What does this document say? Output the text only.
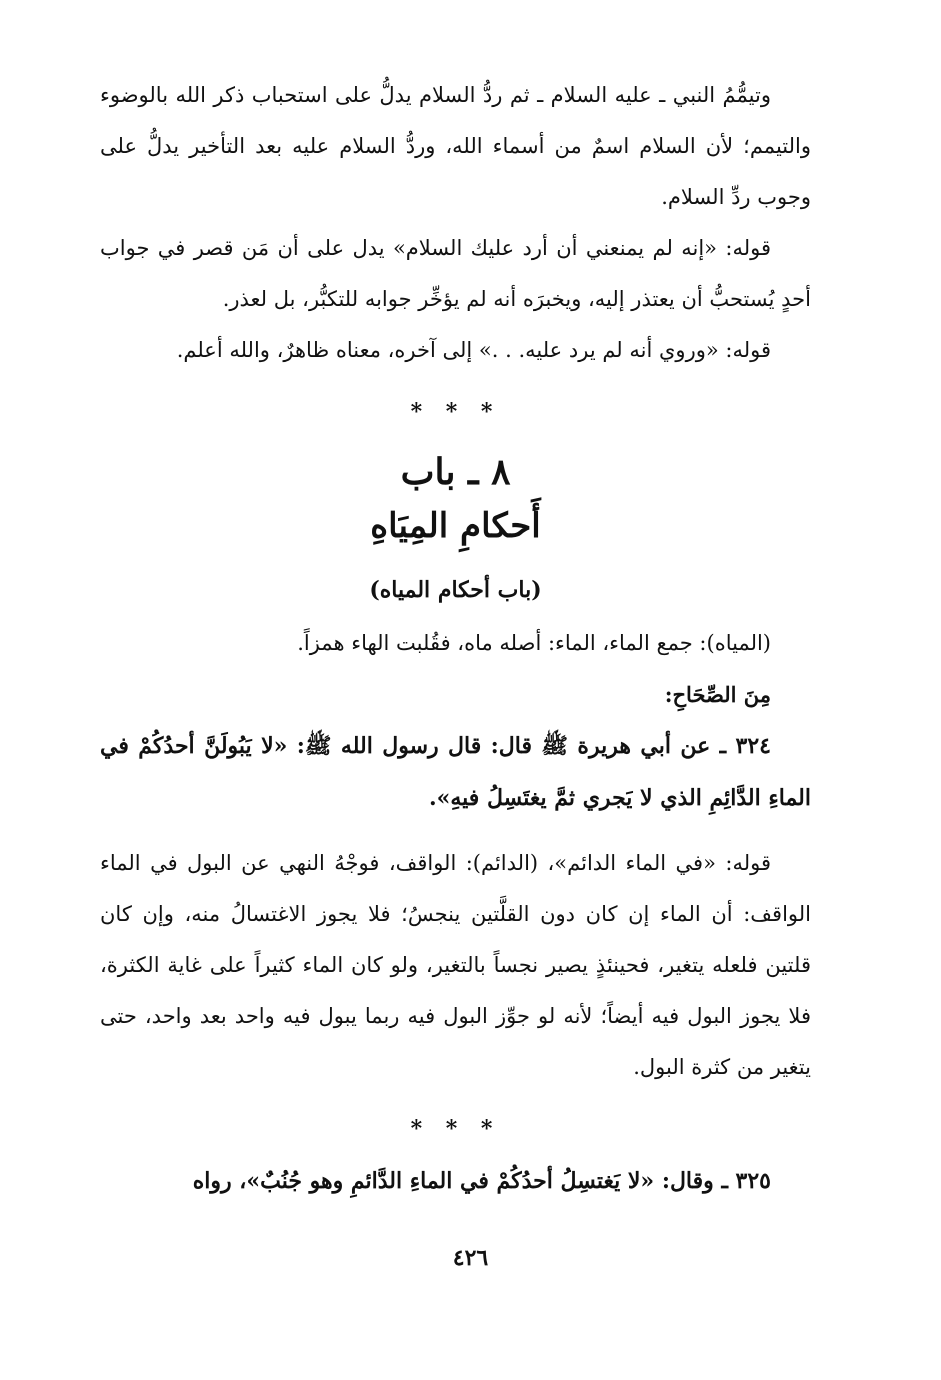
وتيمُّمُ النبي ـ عليه السلام ـ ثم ردُّ السلام يدلُّ على استحباب ذكر الله بالوضوء والتيمم؛ لأن السلام اسمٌ من أسماء الله، وردُّ السلام عليه بعد التأخير يدلُّ على وجوب ردِّ السلام.

قوله: «إنه لم يمنعني أن أرد عليك السلام» يدل على أن مَن قصر في جواب أحدٍ يُستحبُّ أن يعتذر إليه، ويخبرَه أنه لم يؤخِّر جوابه للتكبُّر، بل لعذر.

قوله: «وروي أنه لم يرد عليه. . .» إلى آخره، معناه ظاهرٌ، والله أعلم.

* * *
٨ ـ باب
أَحكامِ المِيَاهِ
(باب أحكام المياه)

(المياه): جمع الماء، الماء: أصله ماه، فقُلبت الهاء همزاً.

مِنَ الصِّحَاحِ:

٣٢٤ ـ عن أبي هريرة ﷺ قال: قال رسول الله ﷺ: «لا يَبُولَنَّ أحدُكُمْ في الماءِ الدَّائِمِ الذي لا يَجري ثمَّ يغتَسِلُ فيهِ».

قوله: «في الماء الدائم»، (الدائم): الواقف، فوجْهُ النهي عن البول في الماء الواقف: أن الماء إن كان دون القلَّتين ينجسُ؛ فلا يجوز الاغتسالُ منه، وإن كان قلتين فلعله يتغير، فحينئذٍ يصير نجساً بالتغير، ولو كان الماء كثيراً على غاية الكثرة، فلا يجوز البول فيه أيضاً؛ لأنه لو جوِّز البول فيه ربما يبول فيه واحد بعد واحد، حتى يتغير من كثرة البول.

* * *

٣٢٥ ـ وقال: «لا يَغتسِلُ أحدُكُمْ في الماءِ الدَّائمِ وهو جُنُبٌ»، رواه

٤٢٦
